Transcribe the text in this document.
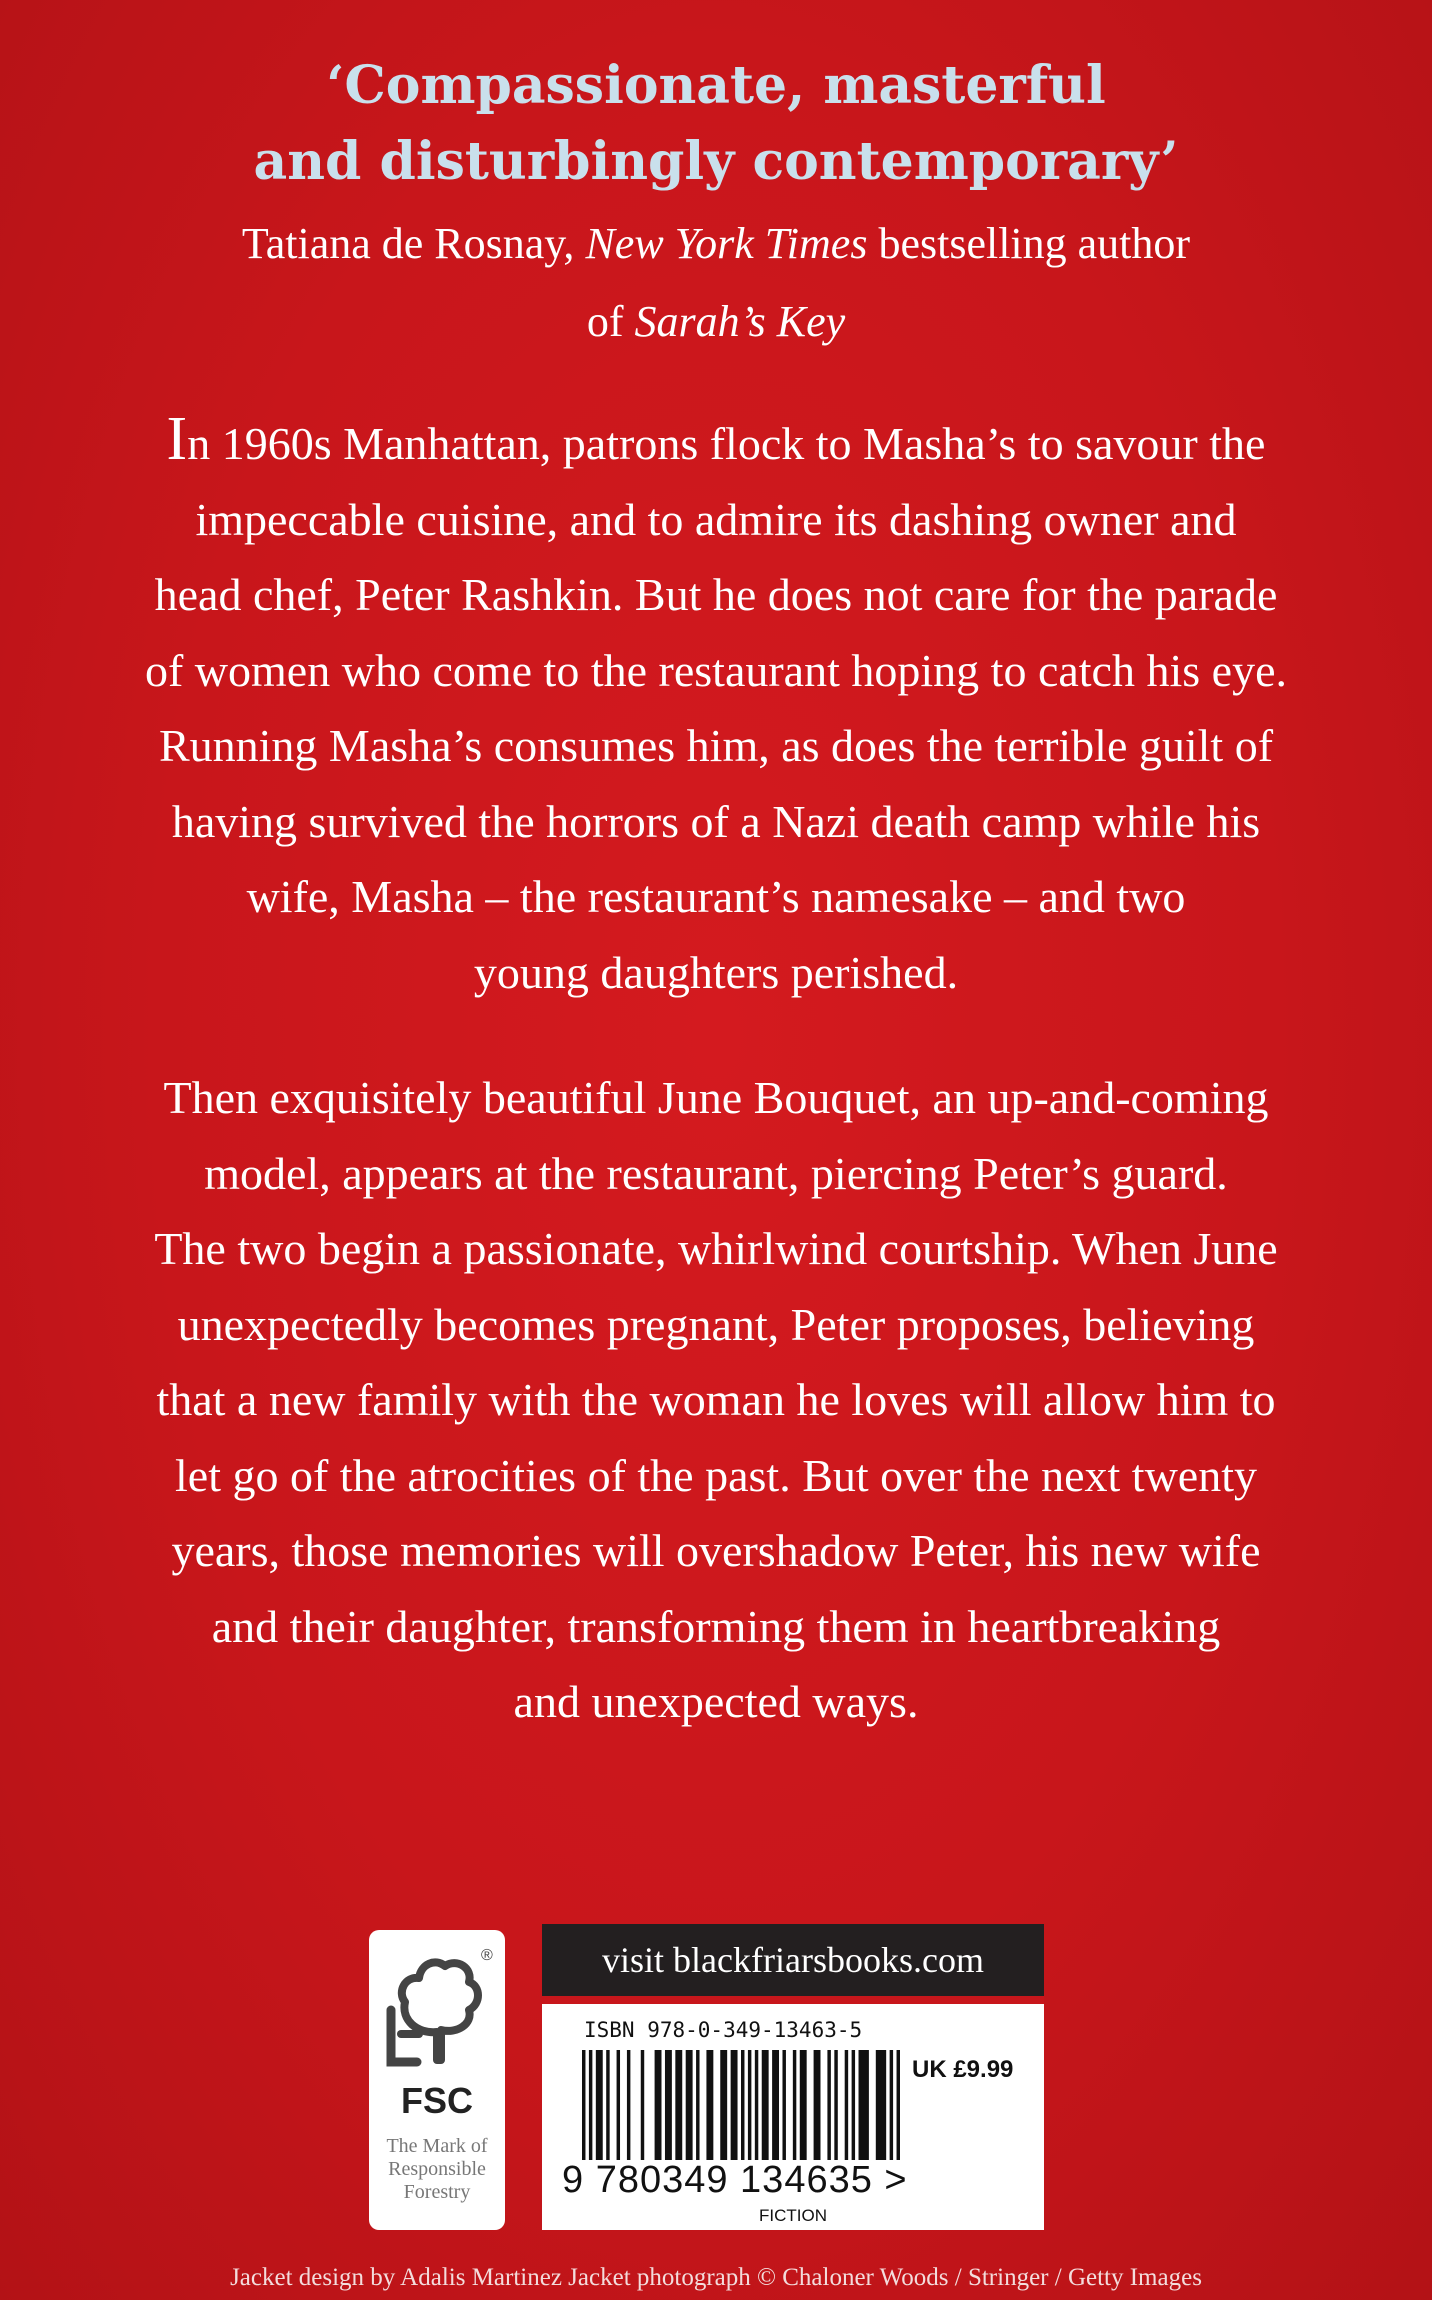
‘Compassionate, masterful
and disturbingly contemporary’
Tatiana de Rosnay, New York Times bestselling author
of Sarah’s Key
In 1960s Manhattan, patrons flock to Masha’s to savour the
impeccable cuisine, and to admire its dashing owner and
head chef, Peter Rashkin. But he does not care for the parade
of women who come to the restaurant hoping to catch his eye.
Running Masha’s consumes him, as does the terrible guilt of
having survived the horrors of a Nazi death camp while his
wife, Masha – the restaurant’s namesake – and two
young daughters perished.
Then exquisitely beautiful June Bouquet, an up-and-coming
model, appears at the restaurant, piercing Peter’s guard.
The two begin a passionate, whirlwind courtship. When June
unexpectedly becomes pregnant, Peter proposes, believing
that a new family with the woman he loves will allow him to
let go of the atrocities of the past. But over the next twenty
years, those memories will overshadow Peter, his new wife
and their daughter, transforming them in heartbreaking
and unexpected ways.
®
FSC
The Mark of
Responsible
Forestry
visit blackfriarsbooks.com
ISBN 978-0-349-13463-5
UK £9.99
9 780349 134635 >
FICTION
Jacket design by Adalis Martinez Jacket photograph © Chaloner Woods / Stringer / Getty Images
